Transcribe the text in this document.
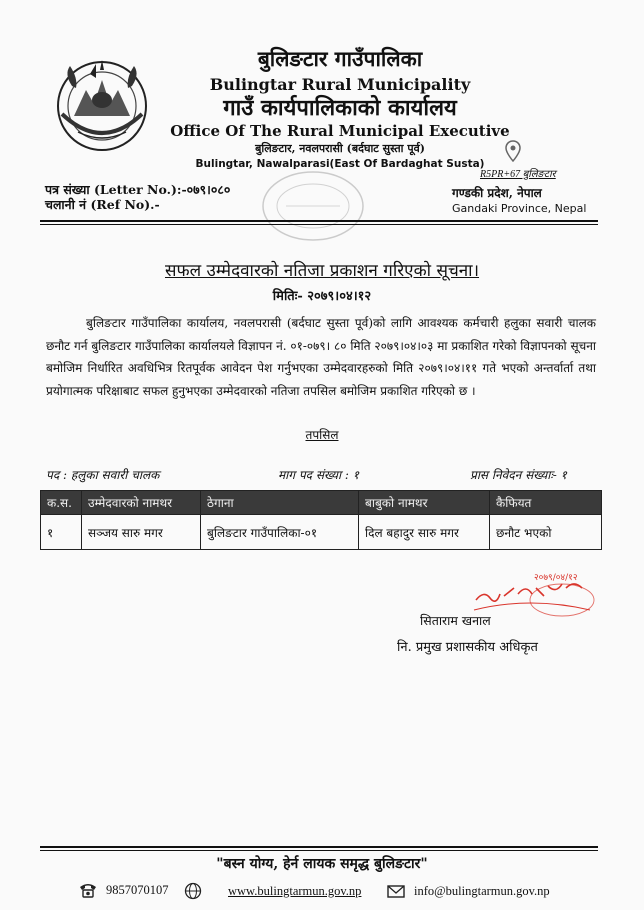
बुलिङटार गाउँपालिका
Bulingtar Rural Municipality
गाउँ कार्यपालिकाको कार्यालय
Office Of The Rural Municipal Executive
बुलिङटार, नवलपरासी (बर्दघाट सुस्ता पूर्व)
Bulingtar, Nawalparasi(East Of Bardaghat Susta)
R5PR+67 बुलिङटार
गण्डकी प्रदेश, नेपाल
Gandaki Province, Nepal
पत्र संख्या (Letter No.):-०७९।०८०
चलानी नं (Ref No).-
सफल उम्मेदवारको नतिजा प्रकाशन गरिएको सूचना।
मितिः- २०७९।०४।१२
बुलिङटार गाउँपालिका कार्यालय, नवलपरासी (बर्दघाट सुस्ता पूर्व)को लागि आवश्यक कर्मचारी हलुका सवारी चालक छनौट गर्न बुलिङटार गाउँपालिका कार्यालयले विज्ञापन नं. ०१-०७९। ८० मिति २०७९।०४।०३ मा प्रकाशित गरेको विज्ञापनको सूचना बमोजिम निर्धारित अवधिभित्र रितपूर्वक आवेदन पेश गर्नुभएका उम्मेदवारहरुको मिति २०७९।०४।११ गते भएको अन्तर्वार्ता तथा प्रयोगात्मक परिक्षाबाट सफल हुनुभएका उम्मेदवारको नतिजा तपसिल बमोजिम प्रकाशित गरिएको छ ।
तपसिल
पद : हलुका सवारी चालक	माग पद संख्या : १	प्रास निवेदन संख्याः- १
क.स.	उम्मेदवारको नामथर	ठेगाना	बाबुको नामथर	कैफियत
१	सञ्जय सारु मगर	बुलिङटार गाउँपालिका-०१	दिल बहादुर सारु मगर	छनौट भएको
२०७९/०४/१२
सिताराम खनाल
नि. प्रमुख प्रशासकीय अधिकृत
"बस्न योग्य, हेर्न लायक समृद्ध बुलिङटार"
9857070107	www.bulingtarmun.gov.np	info@bulingtarmun.gov.np
